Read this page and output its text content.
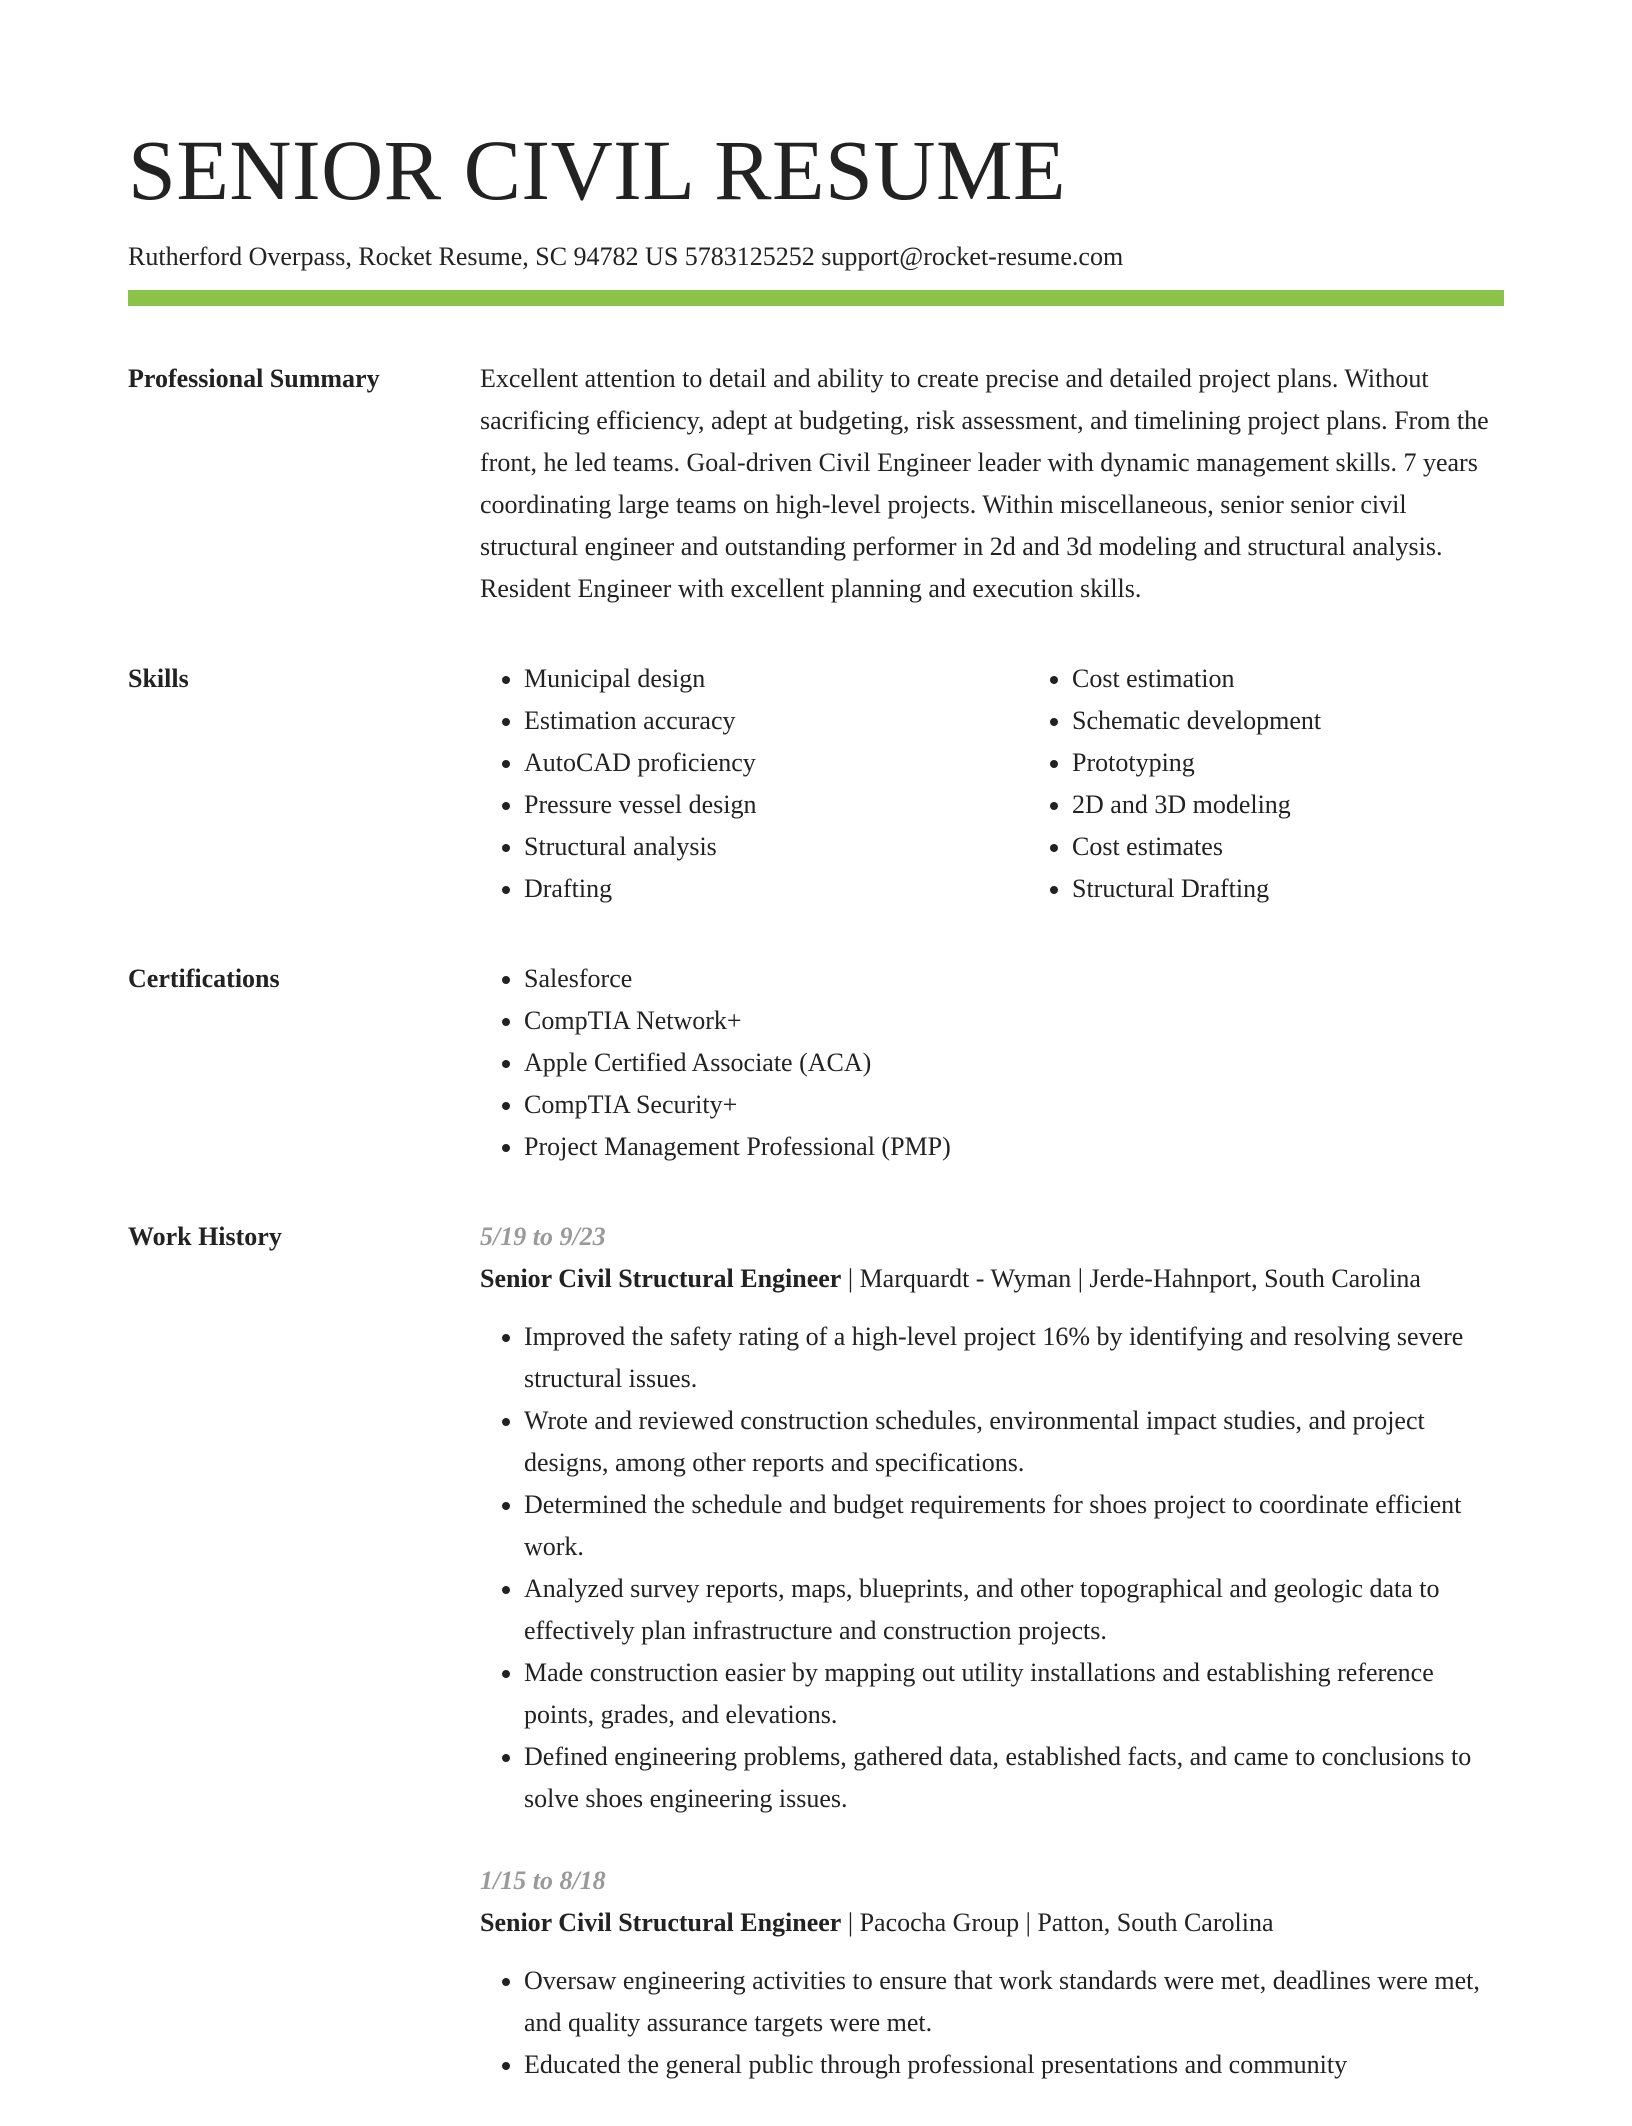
SENIOR CIVIL RESUME
Rutherford Overpass, Rocket Resume, SC 94782 US 5783125252 support@rocket-resume.com
Professional Summary	Excellent attention to detail and ability to create precise and detailed project plans. Without sacrificing efficiency, adept at budgeting, risk assessment, and timelining project plans. From the front, he led teams. Goal-driven Civil Engineer leader with dynamic management skills. 7 years coordinating large teams on high-level projects. Within miscellaneous, senior senior civil structural engineer and outstanding performer in 2d and 3d modeling and structural analysis. Resident Engineer with excellent planning and execution skills.

Skills	• Municipal design
• Estimation accuracy
• AutoCAD proficiency
• Pressure vessel design
• Structural analysis
• Drafting
• Cost estimation
• Schematic development
• Prototyping
• 2D and 3D modeling
• Cost estimates
• Structural Drafting
Certifications	• Salesforce
• CompTIA Network+
• Apple Certified Associate (ACA)
• CompTIA Security+
• Project Management Professional (PMP)
Work History	5/19 to 9/23
Senior Civil Structural Engineer | Marquardt - Wyman | Jerde-Hahnport, South Carolina
• Improved the safety rating of a high-level project 16% by identifying and resolving severe structural issues.
• Wrote and reviewed construction schedules, environmental impact studies, and project designs, among other reports and specifications.
• Determined the schedule and budget requirements for shoes project to coordinate efficient work.
• Analyzed survey reports, maps, blueprints, and other topographical and geologic data to effectively plan infrastructure and construction projects.
• Made construction easier by mapping out utility installations and establishing reference points, grades, and elevations.
• Defined engineering problems, gathered data, established facts, and came to conclusions to solve shoes engineering issues.
1/15 to 8/18
Senior Civil Structural Engineer | Pacocha Group | Patton, South Carolina
• Oversaw engineering activities to ensure that work standards were met, deadlines were met, and quality assurance targets were met.
• Educated the general public through professional presentations and community
